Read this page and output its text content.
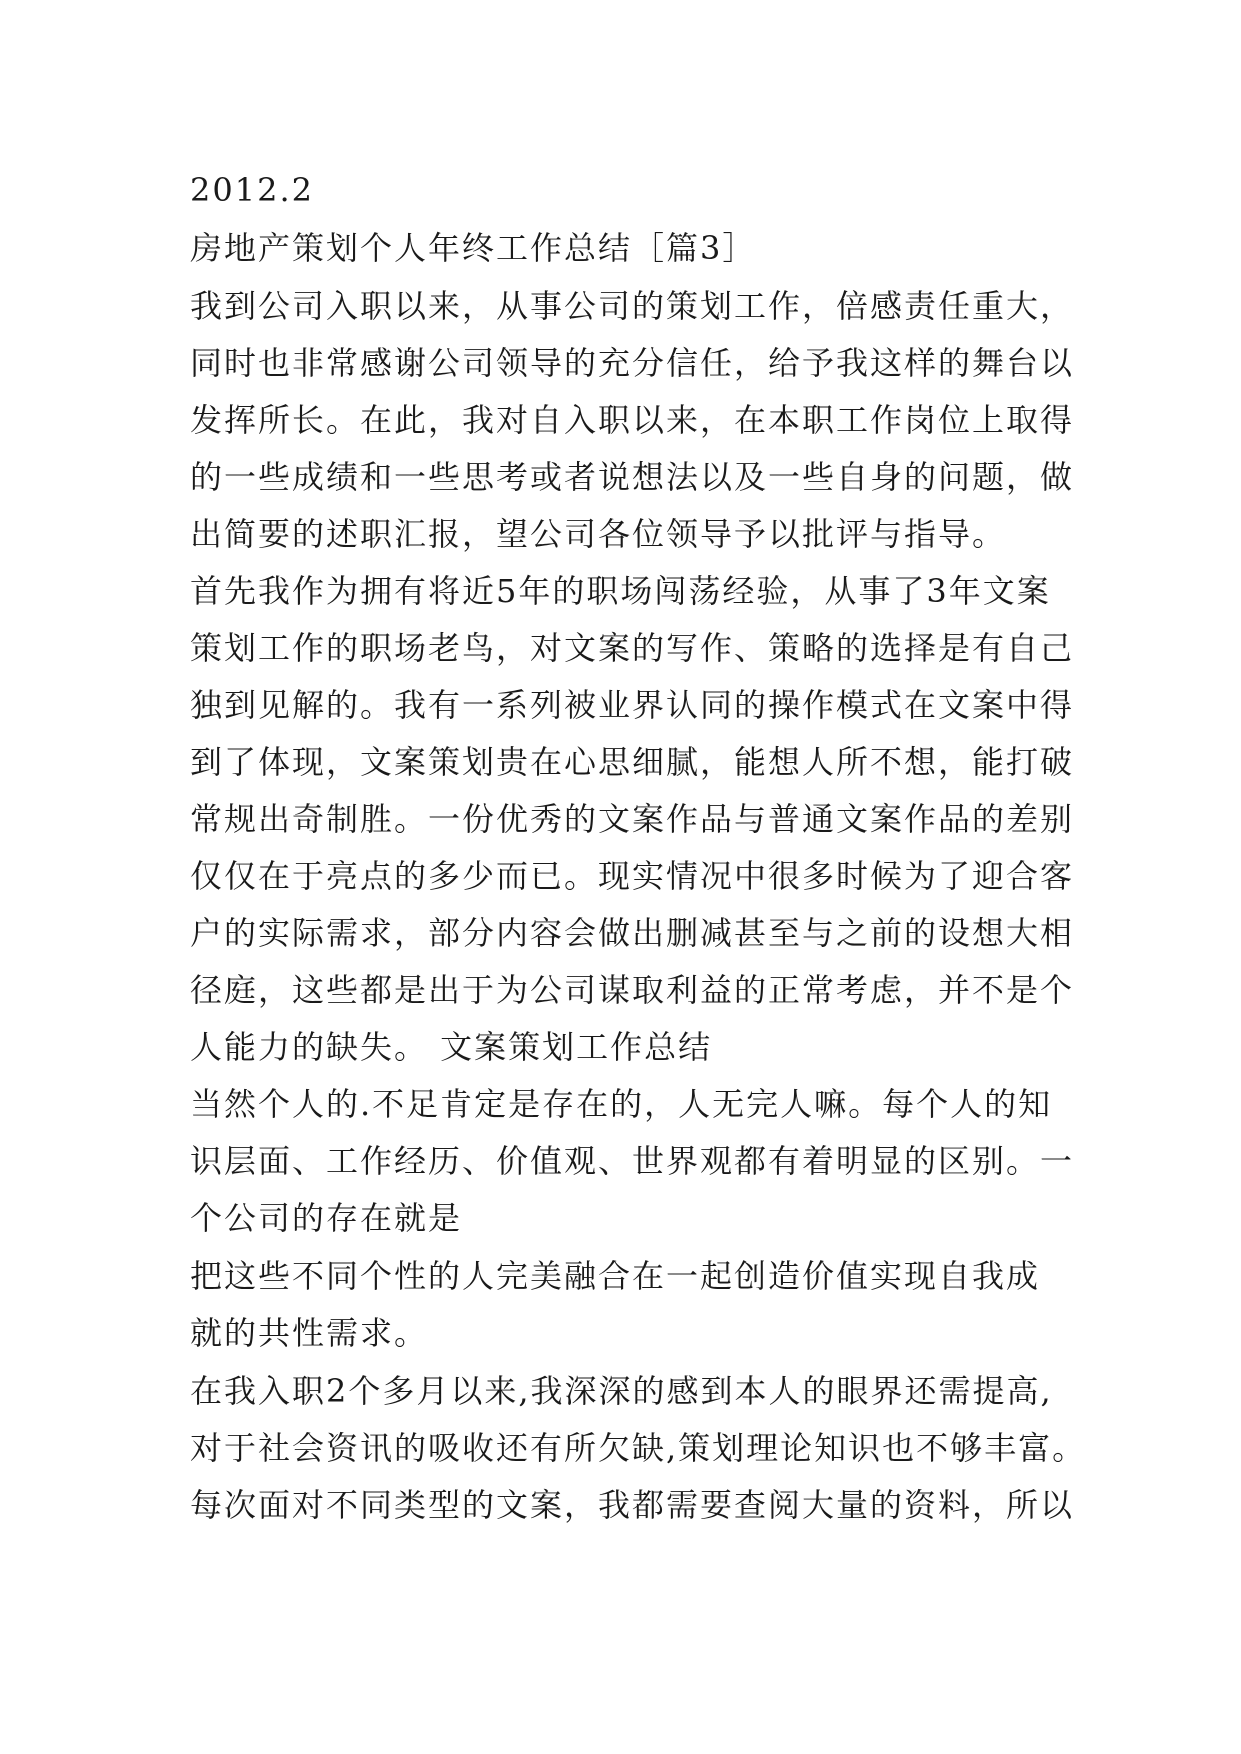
2012.2
房地产策划个人年终工作总结［篇3］
我到公司入职以来，从事公司的策划工作，倍感责任重大，
同时也非常感谢公司领导的充分信任，给予我这样的舞台以
发挥所长。在此，我对自入职以来，在本职工作岗位上取得
的一些成绩和一些思考或者说想法以及一些自身的问题，做
出简要的述职汇报，望公司各位领导予以批评与指导。
首先我作为拥有将近5年的职场闯荡经验，从事了3年文案
策划工作的职场老鸟，对文案的写作、策略的选择是有自己
独到见解的。我有一系列被业界认同的操作模式在文案中得
到了体现，文案策划贵在心思细腻，能想人所不想，能打破
常规出奇制胜。一份优秀的文案作品与普通文案作品的差别
仅仅在于亮点的多少而已。现实情况中很多时候为了迎合客
户的实际需求，部分内容会做出删减甚至与之前的设想大相
径庭，这些都是出于为公司谋取利益的正常考虑，并不是个
人能力的缺失。 文案策划工作总结
当然个人的.不足肯定是存在的，人无完人嘛。每个人的知
识层面、工作经历、价值观、世界观都有着明显的区别。一
个公司的存在就是
把这些不同个性的人完美融合在一起创造价值实现自我成
就的共性需求。
在我入职2个多月以来,我深深的感到本人的眼界还需提高,
对于社会资讯的吸收还有所欠缺,策划理论知识也不够丰富。
每次面对不同类型的文案，我都需要查阅大量的资料，所以
